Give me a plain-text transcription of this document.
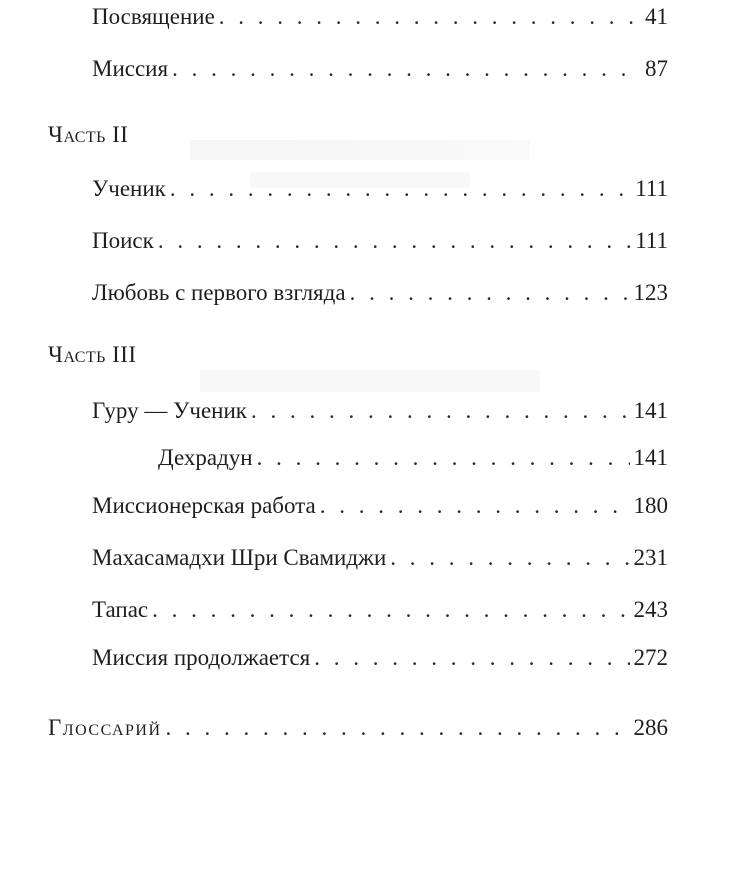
Посвящение . . .	41
Миссия . . .	87
Часть II
Ученик . . .	111
Поиск . . .	111
Любовь с первого взгляда . . .	123
Часть III
Гуру — Ученик . . .	141
Дехрадун . . .	141
Миссионерская работа . . .	180
Махасамадхи Шри Свамиджи . . .	231
Тапас . . .	243
Миссия продолжается . . .	272
Глоссарий . . .	286
